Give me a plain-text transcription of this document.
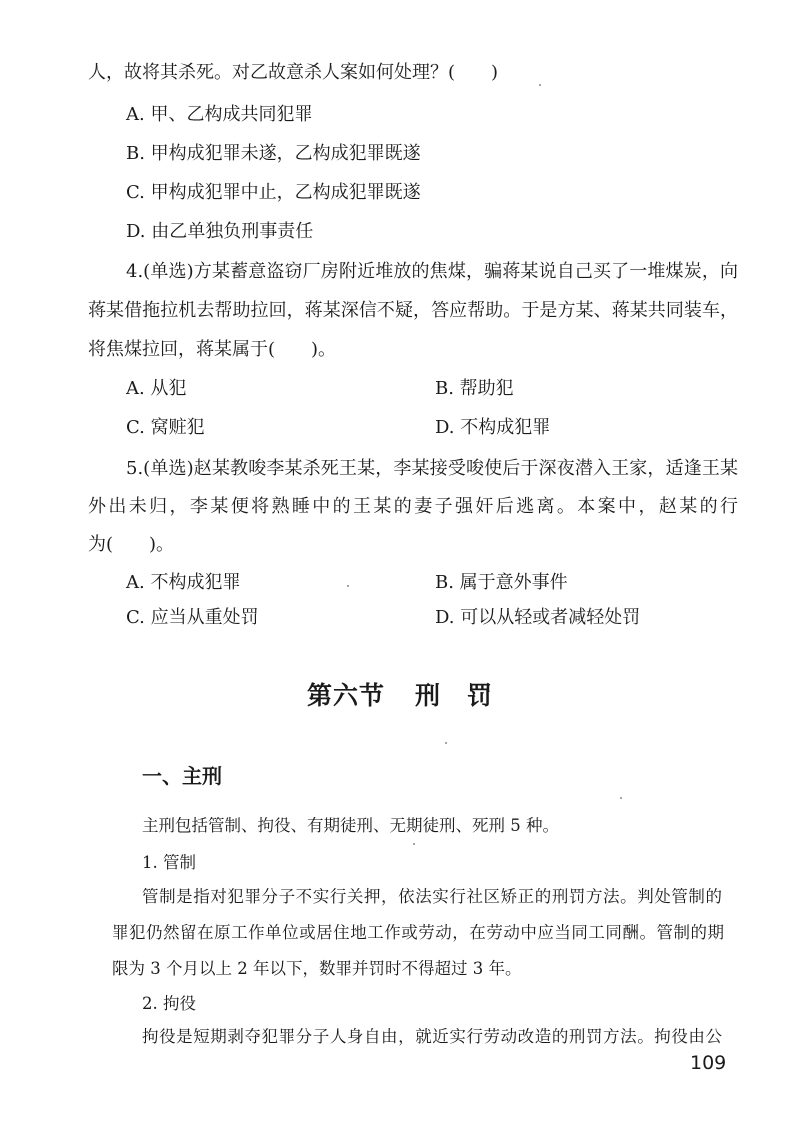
人，故将其杀死。对乙故意杀人案如何处理？(　　)
A. 甲、乙构成共同犯罪
B. 甲构成犯罪未遂，乙构成犯罪既遂
C. 甲构成犯罪中止，乙构成犯罪既遂
D. 由乙单独负刑事责任
4.(单选)方某蓄意盗窃厂房附近堆放的焦煤，骗蒋某说自己买了一堆煤炭，向
蒋某借拖拉机去帮助拉回，蒋某深信不疑，答应帮助。于是方某、蒋某共同装车，
将焦煤拉回，蒋某属于(　　)。
A. 从犯	B. 帮助犯
C. 窝赃犯	D. 不构成犯罪
5.(单选)赵某教唆李某杀死王某，李某接受唆使后于深夜潜入王家，适逢王某
外出未归，李某便将熟睡中的王某的妻子强奸后逃离。本案中，赵某的行
为(　　)。
A. 不构成犯罪	B. 属于意外事件
C. 应当从重处罚	D. 可以从轻或者减轻处罚
第六节 刑　罚
一、主刑
主刑包括管制、拘役、有期徒刑、无期徒刑、死刑 5 种。
1. 管制
管制是指对犯罪分子不实行关押，依法实行社区矫正的刑罚方法。判处管制的
罪犯仍然留在原工作单位或居住地工作或劳动，在劳动中应当同工同酬。管制的期
限为 3 个月以上 2 年以下，数罪并罚时不得超过 3 年。
2. 拘役
拘役是短期剥夺犯罪分子人身自由，就近实行劳动改造的刑罚方法。拘役由公
109
